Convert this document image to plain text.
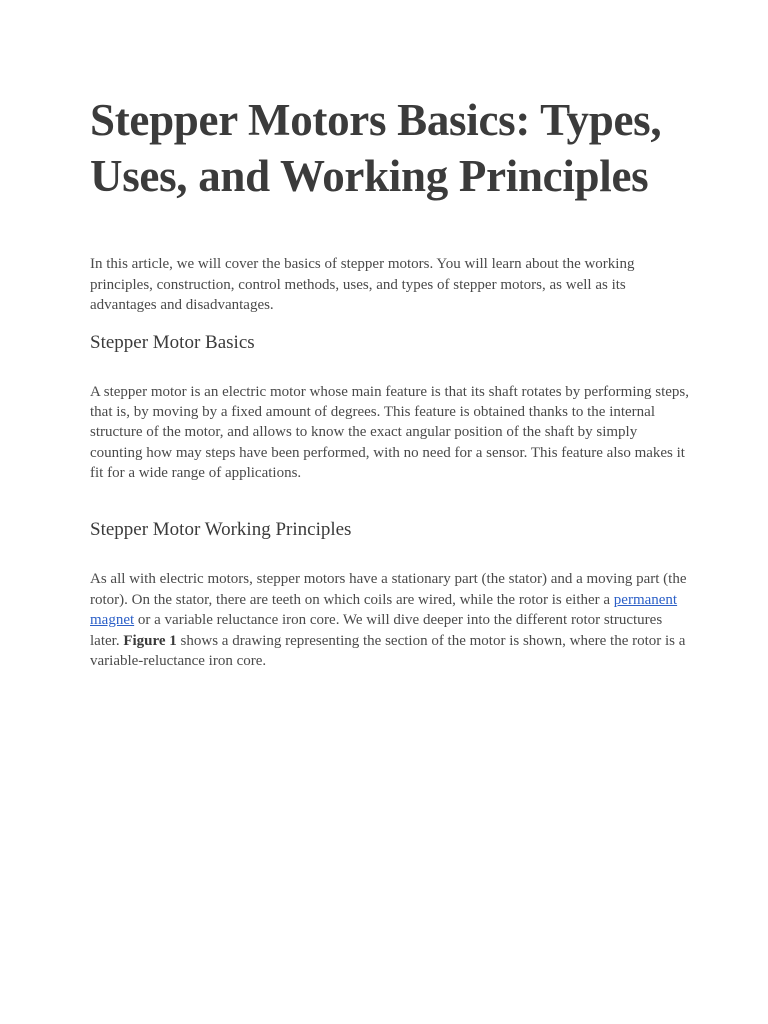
Stepper Motors Basics: Types, Uses, and Working Principles

In this article, we will cover the basics of stepper motors. You will learn about the working principles, construction, control methods, uses, and types of stepper motors, as well as its advantages and disadvantages.

Stepper Motor Basics

A stepper motor is an electric motor whose main feature is that its shaft rotates by performing steps, that is, by moving by a fixed amount of degrees. This feature is obtained thanks to the internal structure of the motor, and allows to know the exact angular position of the shaft by simply counting how may steps have been performed, with no need for a sensor. This feature also makes it fit for a wide range of applications.

Stepper Motor Working Principles

As all with electric motors, stepper motors have a stationary part (the stator) and a moving part (the rotor). On the stator, there are teeth on which coils are wired, while the rotor is either a permanent magnet or a variable reluctance iron core. We will dive deeper into the different rotor structures later. Figure 1 shows a drawing representing the section of the motor is shown, where the rotor is a variable-reluctance iron core.
